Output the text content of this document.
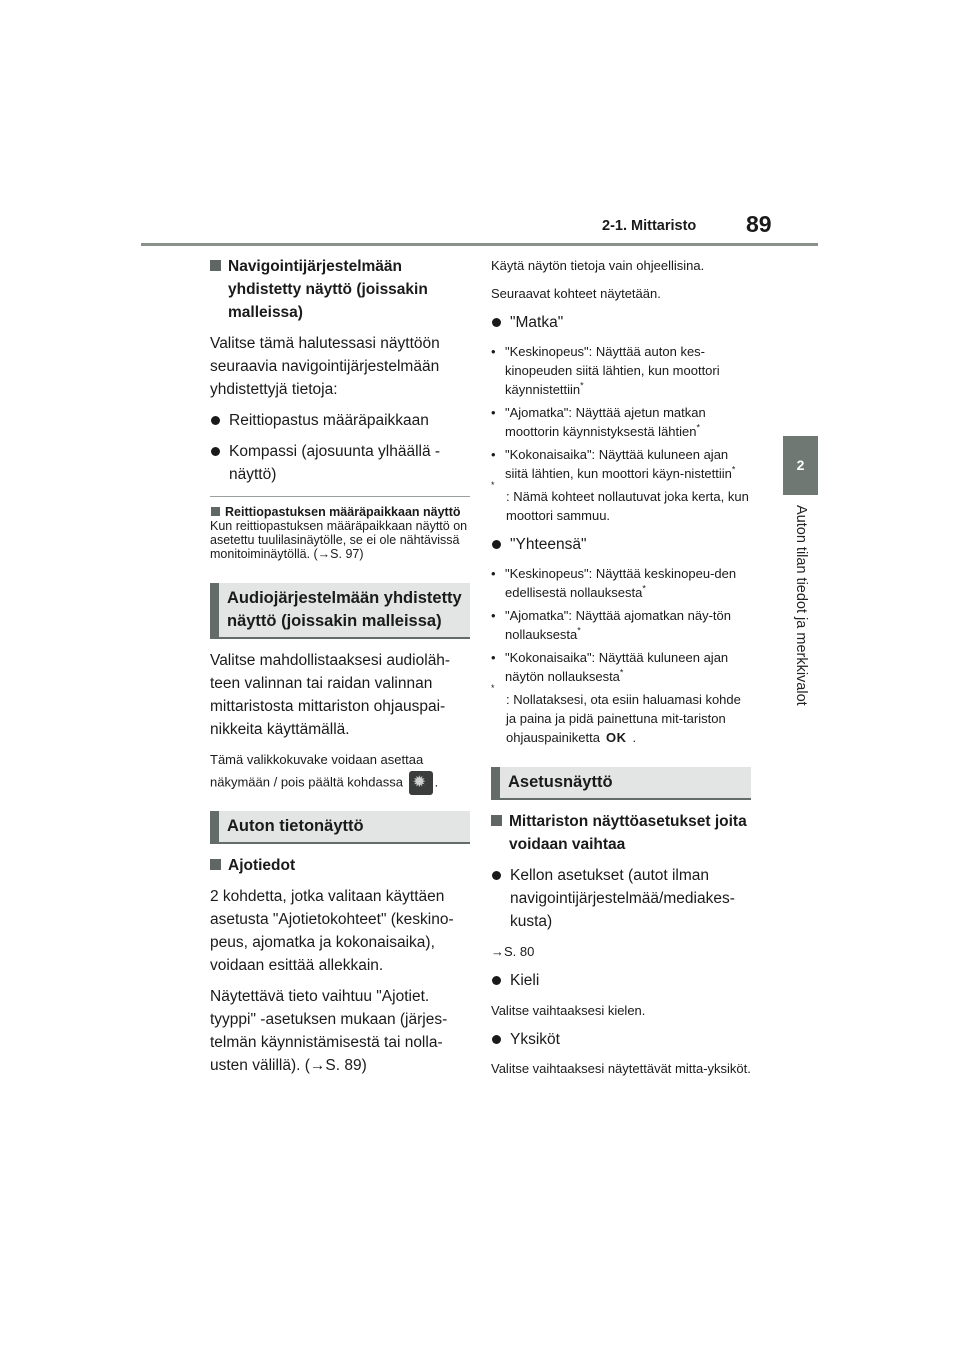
2-1. Mittaristo 89
2
Auton tilan tiedot ja merkkivalot
Navigointijärjestelmään yhdistetty näyttö (joissakin malleissa)

Valitse tämä halutessasi näyttöön seuraavia navigointijärjestelmään yhdistettyjä tietoja:

Reittiopastus määräpaikkaan
Kompassi (ajosuunta ylhäällä -näyttö)
Reittiopastuksen määräpaikkaan näyttö

Kun reittiopastuksen määräpaikkaan näyttö on asetettu tuulilasinäytölle, se ei ole nähtävissä monitoiminäytöllä. (→S. 97)

Audiojärjestelmään yhdistetty näyttö (joissakin malleissa)

Valitse mahdollistaaksesi audioläh-teen valinnan tai raidan valinnan mittaristosta mittariston ohjauspai-nikkeita käyttämällä.

Tämä valikkokuvake voidaan asettaa näkymään / pois päältä kohdassa ✹ .

Auton tietonäyttö
Ajotiedot

2 kohdetta, jotka valitaan käyttäen asetusta "Ajotietokohteet" (keskino-peus, ajomatka ja kokonaisaika), voidaan esittää allekkain.

Näytettävä tieto vaihtuu "Ajotiet. tyyppi" -asetuksen mukaan (järjes-telmän käynnistämisestä tai nolla-usten välillä). (→S. 89)

Käytä näytön tietoja vain ohjeellisina.

Seuraavat kohteet näytetään.

"Matka"
• "Keskinopeus": Näyttää auton kes-kinopeuden siitä lähtien, kun moottori käynnistettiin*
• "Ajomatka": Näyttää ajetun matkan moottorin käynnistyksestä lähtien*
• "Kokonaisaika": Näyttää kuluneen ajan siitä lähtien, kun moottori käyn-nistettiin*
*
: Nämä kohteet nollautuvat joka kerta, kun moottori sammuu.
"Yhteensä"
• "Keskinopeus": Näyttää keskinopeu-den edellisestä nollauksesta*
• "Ajomatka": Näyttää ajomatkan näy-tön nollauksesta*
• "Kokonaisaika": Näyttää kuluneen ajan näytön nollauksesta*
*
: Nollataksesi, ota esiin haluamasi kohde ja paina ja pidä painettuna mit-tariston ohjauspainiketta OK .
Asetusnäyttö
Mittariston näyttöasetukset joita voidaan vaihtaa
Kellon asetukset (autot ilman navigointijärjestelmää/mediakes-kusta)

→S. 80

Kieli

Valitse vaihtaaksesi kielen.

Yksiköt

Valitse vaihtaaksesi näytettävät mitta-yksiköt.
